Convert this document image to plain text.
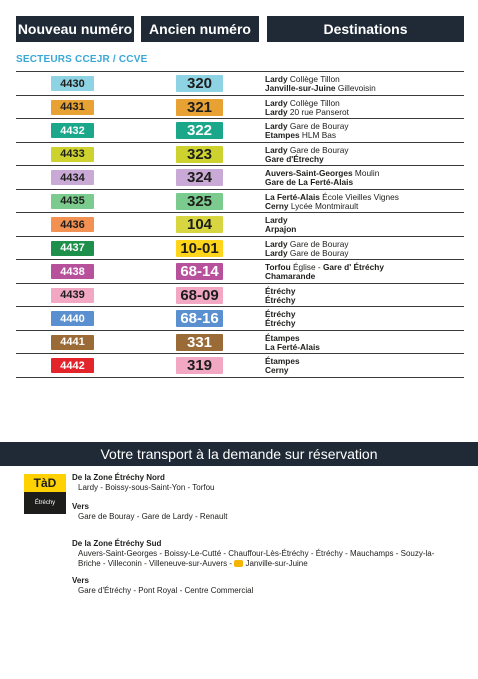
Nouveau numéro	Ancien numéro	Destinations
SECTEURS CCEJR / CCVE
4430	320	Lardy Collège Tillon
Janville-sur-Juine Gillevoisin
4431	321	Lardy Collège Tillon
Lardy 20 rue Panserot
4432	322	Lardy Gare de Bouray
Etampes HLM Bas
4433	323	Lardy Gare de Bouray
Gare d'Étrechy
4434	324	Auvers-Saint-Georges Moulin
Gare de La Ferté-Alais
4435	325	La Ferté-Alais École Vieilles Vignes
Cerny Lycée Montmirault
4436	104	Lardy
Arpajon
4437	10-01	Lardy Gare de Bouray
Lardy Gare de Bouray
4438	68-14	Torfou Église - Gare d' Étréchy
Chamarande
4439	68-09	Étréchy
Étréchy
4440	68-16	Étréchy
Étréchy
4441	331	Étampes
La Ferté-Alais
4442	319	Étampes
Cerny
Votre transport à la demande sur réservation
TàD
Étréchy
De la Zone Étréchy Nord
Lardy - Boissy-sous-Saint-Yon - Torfou
Vers
Gare de Bouray - Gare de Lardy - Renault
De la Zone Étréchy Sud
Auvers-Saint-Georges - Boissy-Le-Cutté - Chauffour-Lès-Étréchy - Étréchy - Mauchamps - Souzy-la-
Briche - Villeconin - Villeneuve-sur-Auvers -  Janville-sur-Juine
Vers
Gare d'Étréchy - Pont Royal - Centre Commercial
